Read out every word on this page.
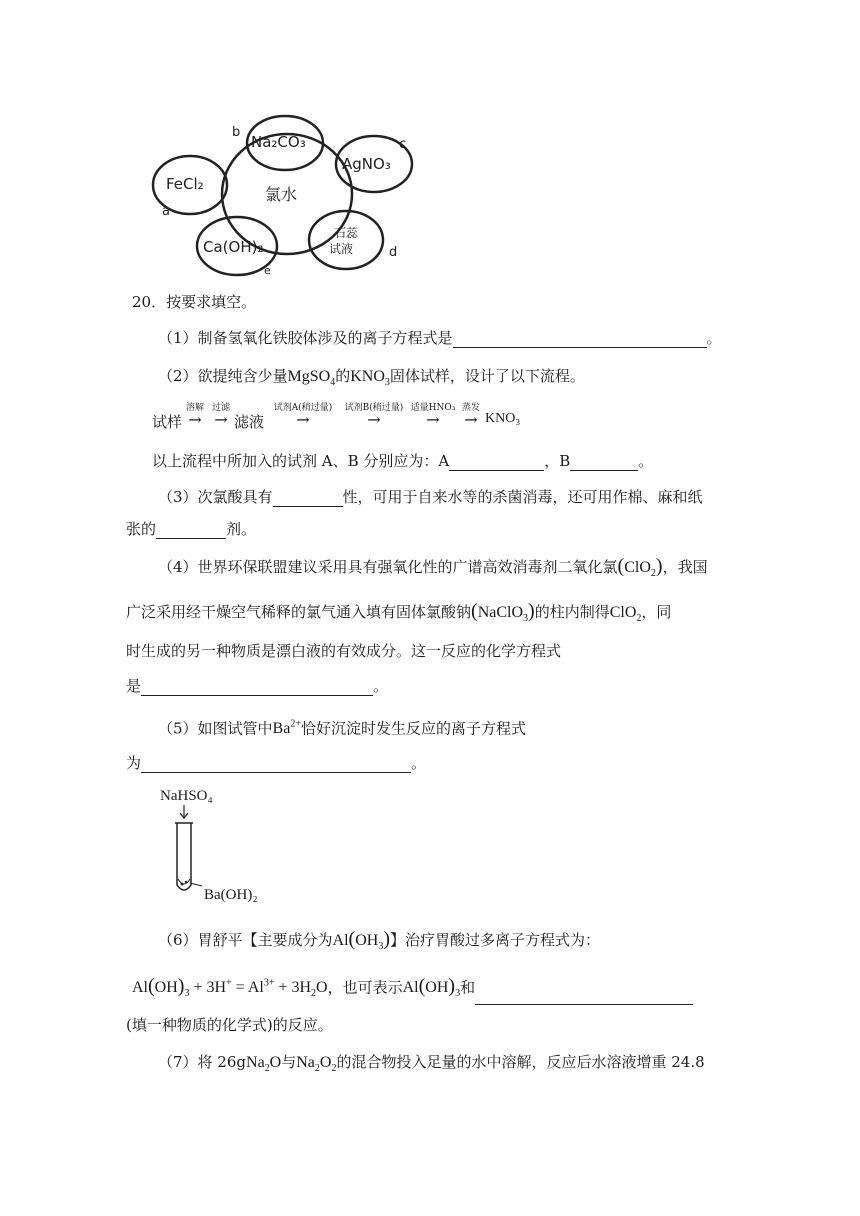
氯水
Na₂CO₃
b
AgNO₃
c
FeCl₂
a
Ca(OH)₂
e
石蕊
试液	d
20．按要求填空。
（1）制备氢氧化铁胶体涉及的离子方程式是	。
（2）欲提纯含少量MgSO$_4$的$KNO_3$固体试样，设计了以下流程。
试样
溶解
→
过滤
→ 滤液
试剂A(稍过量)
→
试剂B(稍过量)
→
适量HNO₃
→
蒸发
→ KNO₃
以上流程中所加入的试剂 A、B 分别应为：A	，B	。
（3）次氯酸具有	性，可用于自来水等的杀菌消毒，还可用作棉、麻和纸
张的	剂。
（4）世界环保联盟建议采用具有强氧化性的广谱高效消毒剂二氧化氯(ClO$_2$)，我国
广泛采用经干燥空气稀释的氯气通入填有固体氯酸钠(NaClO$_3$)的柱内制得ClO$_2$，同
时生成的另一种物质是漂白液的有效成分。这一反应的化学方程式
是	。
（5）如图试管中$Ba^{2+}$恰好沉淀时发生反应的离子方程式
为	。
NaHSO₄
Ba(OH)₂
（6）胃舒平【主要成分为$Al(OH_3)$】治疗胃酸过多离子方程式为：
$Al(OH)_3 + 3H^+ = Al^{3+} + 3H_2O$，也可表示$Al(OH)_3$和
(填一种物质的化学式)的反应。
（7）将 26gNa$_2$O与$Na_2O_2$的混合物投入足量的水中溶解，反应后水溶液增重 24.8
